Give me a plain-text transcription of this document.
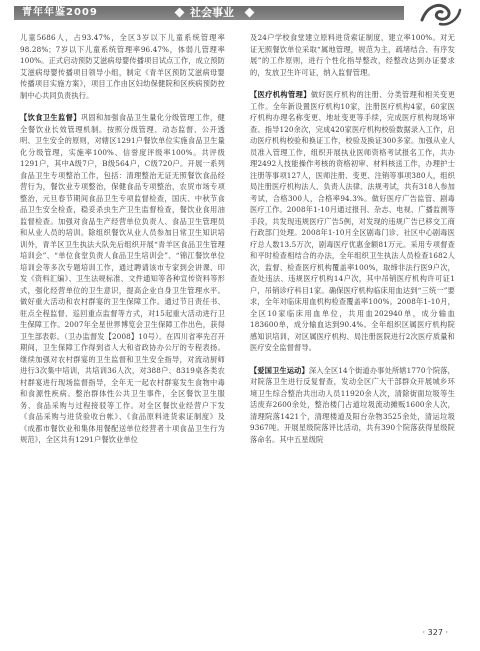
青年年鉴2009	社会事业

儿童5686人，占93.47%，全区3岁以下儿童系统管理率98.28%；7岁以下儿童系统管理率96.47%，体弱儿管理率100%。正式启动预防艾滋病母婴传播项目试点工作，成立预防艾滋病母婴传播项目领导小组，制定《青羊区预防艾滋病母婴传播项目实施方案》，项目工作由区妇幼保健院和区疾病预防控制中心共同负责执行。

【饮食卫生监督】巩固和加强食品卫生量化分级管理工作，健全餐饮业长效管理机制。按照分级管理、动态监督、公开透明、卫生安全的原则，对辖区1291户餐饮单位实施食品卫生量化分级管理，实施率100%、信誉度评级率100%。共评级1291户，其中A级7户，B级564户，C级720户。开展一系列食品卫生专项整治工作，包括：清理整治无证无照餐饮食品经营行为，餐饮业专项整治，保健食品专项整治，农贸市场专项整治，元旦春节期间食品卫生专项监督检查，国庆、中秋节食品卫生安全检查，稳妥杀虫生产卫生监督检查，餐饮业食用油监督检查。加强对食品生产经营单位负责人、食品卫生管理员和从业人员的培训。除组织餐饮从业人员参加日常卫生知识培训外，青羊区卫生执法大队先后组织开展“青羊区食品卫生管理培训会”、“单位食堂负责人食品卫生培训会”、“锦江餐饮单位培训会等多次专题培训工作，通过聘请该市专家到会讲课、印发《资料汇编》、卫生法规标准、文件通知等各种宣传资料等形式，强化经营单位的卫生意识，提高企业自身卫生管理水平。做好重大活动和农村群宴的卫生保障工作。通过节日责任书、驻点全程监督、巡回重点监督等方式，对15起重大活动进行卫生保障工作。2007年全星世界博览会卫生保障工作出色，获得卫生部表彰。（卫办监督发【2008】10号）。在四川省率先召开期间，卫生保障工作得到省人大和省政协办公厅的专程表扬。继续加强对农村群宴的卫生监督和卫生安全指导，对流动厨师进行3次集中培训，共培训36人次，对388户、8319桌各类农村群宴进行现场监督指导，全年无一起农村群宴发生食物中毒和食源性疾病。整治群体性公共卫生事件，全区餐饮卫生服务、食品采购与过程接驳等工作。对全区餐饮业经营户下发《食品采购与进货验收台帐》、《食品原料进货索证制度》及《成都市餐饮业和集体用餐配送单位经营者十项食品卫生行为规范》，全区共有1291户餐饮业单位

及24户学校食堂建立原料进货索证制度，建立率100%。对无证无照餐饮单位采取“属地管理，规范为主，疏堵结合、有序发展”的工作原则，进行个性化指导整改，经整改达到办证要求的，发放卫生许可证，纳入监督管理。

【医疗机构管理】做好医疗机构的注册、分类管理和相关变更工作。全年新设置医疗机构10家，注册医疗机构4家，60家医疗机构办理名称变更、地址变更等手续，完成医疗机构现场审查、指导120余次，完成420家医疗机构校验数据录入工作，启动医疗机构校验和换证工作，校验及换证300多家。加强从业人员准入管理工作，组织开展执业医师资格考试报名工作，共办理2492人技能操作考核的资格初审、材料核送工作，办理护士注册等事项127人，医师注册、变更、注销等事项380人，组织局注册医疗机构法人、负责人法律、法规考试，共有318人参加考试，合格300人，合格率94.3%。做好医疗广告监管、剧毒医疗工作。2008年1-10月通过报刊、杂志、电视、广播监测等手段，共发现违规医疗广告5例，对发现的违规广告已移交工商行政部门处理。2008年1-10月全区剧毒门诊、社区中心剧毒医疗总人数13.5万次，剧毒医疗优惠金额81万元。采用专项督查和平时检查相结合的办法，全年组织卫生执法人员检查1682人次，监督、检查医疗机构覆盖率100%，取缔非法行医9户次，查处违法、违规医疗机构14户次，其中吊销医疗机构许可证1户，吊销诊疗科目1家。确保医疗机构临床用血达到“三统一”要求，全年对临床用血机构检查覆盖率100%。2008年1-10月，全区10家临床用血单位，共用血202940单，成分输血183600单，成分输血达到90.4%。全年组织区属医疗机构院感知识培训，对区属医疗机构、局注册医院进行2次医疗质量和医疗安全监督督导。

【爱国卫生运动】深入全区14个街道办事处所辖1770个院落，对院落卫生进行反复督查，发动全区广大干部群众开展城乡环境卫生综合整治共出动人员11920余人次，清除街面垃圾等生活废弃2600余处，整治楼门占道垃圾流动摊贩1600余人次，清理院落1421个，清理楼道及阳台杂物3525余处，清运垃圾9367吨。开展星级院落评比活动，共有390个院落获得星级院落命名。其中五星级院

· 327 ·
